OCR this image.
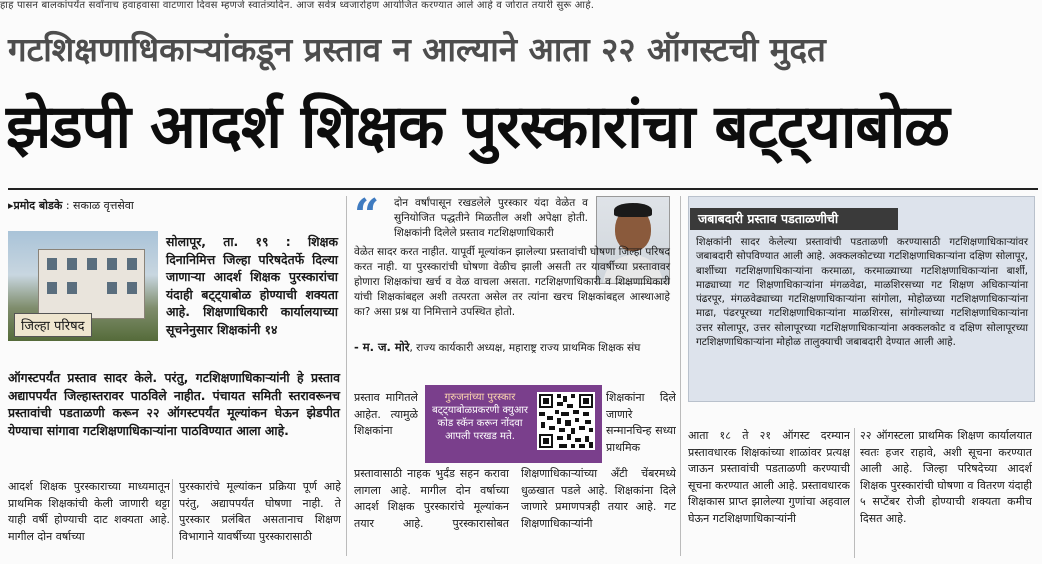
हाह पासन बालकांपर्यंत सर्वांनाच हवाहवासा वाटणारा दिवस म्हणजे स्वातंत्र्यदिन. आज सर्वत्र ध्वजारोहण आयोजित करण्यात आले आहे व जोरात तयारी सुरू आहे.
गटशिक्षणाधिकाऱ्यांकडून प्रस्ताव न आल्याने आता २२ ऑगस्टची मुदत
झेडपी आदर्श शिक्षक पुरस्कारांचा बट्ट्याबोळ
▸प्रमोद बोडके : सकाळ वृत्तसेवा
जिल्हा परिषद
सोलापूर, ता. १९ : शिक्षक दिनानिमित्त जिल्हा परिषदेतर्फे दिल्या जाणाऱ्या आदर्श शिक्षक पुरस्कारांचा यंदाही बट्ट्याबोळ होण्याची शक्यता आहे. शिक्षणाधिकारी कार्यालयाच्या सूचनेनुसार शिक्षकांनी १४
ऑगस्टपर्यंत प्रस्ताव सादर केले. परंतु, गटशिक्षणाधिकाऱ्यांनी हे प्रस्ताव अद्यापपर्यंत जिल्हास्तरावर पाठविले नाहीत. पंचायत समिती स्तरावरूनच प्रस्तावांची पडताळणी करून २२ ऑगस्टपर्यंत मूल्यांकन घेऊन झेडपीत येण्याचा सांगावा गटशिक्षणाधिकाऱ्यांना पाठविण्यात आला आहे.
“ दोन वर्षांपासून रखडलेले पुरस्कार यंदा वेळेत व सुनियोजित पद्धतीने मिळतील अशी अपेक्षा होती. शिक्षकांनी दिलेले प्रस्ताव गटशिक्षणाधिकारी
वेळेत सादर करत नाहीत. यापूर्वी मूल्यांकन झालेल्या प्रस्तावांची घोषणा जिल्हा परिषद करत नाही. या पुरस्कारांची घोषणा वेळीच झाली असती तर यावर्षीच्या प्रस्तावावर होणारा शिक्षकांचा खर्च व वेळ वाचला असता. गटशिक्षणाधिकारी व शिक्षणाधिकारी यांची शिक्षकांबद्दल अशी तत्परता असेल तर त्यांना खरच शिक्षकांबद्दल आस्थाआहे का? असा प्रश्न या निमित्ताने उपस्थित होतो.
- म. ज. मोरे, राज्य कार्यकारी अध्यक्ष, महाराष्ट्र राज्य प्राथमिक शिक्षक संघ
जबाबदारी प्रस्ताव पडताळणीची
शिक्षकांनी सादर केलेल्या प्रस्तावांची पडताळणी करण्यासाठी गटशिक्षणाधिकाऱ्यांवर जबाबदारी सोपविण्यात आली आहे. अक्कलकोटच्या गटशिक्षणाधिकाऱ्यांना दक्षिण सोलापूर, बार्शीच्या गटशिक्षणाधिकाऱ्यांना करमाळा, करमाळ्याच्या गटशिक्षणाधिकाऱ्यांना बार्शी, माढ्याच्या गट शिक्षणाधिकाऱ्यांना मंगळवेढा, माळशिरसच्या गट शिक्षण अधिकाऱ्यांना पंढरपूर, मंगळवेढ्याच्या गटशिक्षणाधिकाऱ्यांना सांगोला, मोहोळच्या गटशिक्षणाधिकाऱ्यांना माढा, पंढरपूरच्या गटशिक्षणाधिकाऱ्यांना माळशिरस, सांगोल्याच्या गटशिक्षणाधिकाऱ्यांना उत्तर सोलापूर, उत्तर सोलापूरच्या गटशिक्षणाधिकाऱ्यांना अक्कलकोट व दक्षिण सोलापूरच्या गटशिक्षणाधिकाऱ्यांना मोहोळ तालुक्याची जबाबदारी देण्यात आली आहे.
प्रस्ताव मागितले आहेत. त्यामुळे शिक्षकांना
गुरुजनांच्या पुरस्कार
बट्ट्याबोळप्रकरणी क्युआर कोड स्कॅन करून नोंदवा आपली परखड मते.
शिक्षकांना दिले जाणारे सन्मानचिन्ह सध्या प्राथमिक
प्रस्तावासाठी नाहक भुर्दंड सहन करावा लागला आहे. मागील दोन वर्षाच्या आदर्श शिक्षक पुरस्कारांचे मूल्यांकन तयार आहे. पुरस्कारासोबत शिक्षणाधिकाऱ्यांच्या अँटी चेंबरमध्ये धुळखात पडले आहे. शिक्षकांना दिले जाणारे प्रमाणपत्रही तयार आहे. गट शिक्षणाधिकाऱ्यांनी
आदर्श शिक्षक पुरस्काराच्या माध्यमातून प्राथमिक शिक्षकांची केली जाणारी थट्टा याही वर्षी होण्याची दाट शक्यता आहे. मागील दोन वर्षाच्या
पुरस्कारांचे मूल्यांकन प्रक्रिया पूर्ण आहे परंतु, अद्यापपर्यंत घोषणा नाही. ते पुरस्कार प्रलंबित असतानाच शिक्षण विभागाने यावर्षीच्या पुरस्कारासाठी
आता १८ ते २१ ऑगस्ट दरम्यान प्रस्तावधारक शिक्षकांच्या शाळांवर प्रत्यक्ष जाऊन प्रस्तावांची पडताळणी करण्याची सूचना करण्यात आली आहे. प्रस्तावधारक शिक्षकास प्राप्त झालेल्या गुणांचा अहवाल घेऊन गटशिक्षणाधिकाऱ्यांनी
२२ ऑगस्टला प्राथमिक शिक्षण कार्यालयात स्वतः हजर राहावे, अशी सूचना करण्यात आली आहे. जिल्हा परिषदेच्या आदर्श शिक्षक पुरस्कारांची घोषणा व वितरण यंदाही ५ सप्टेंबर रोजी होण्याची शक्यता कमीच दिसत आहे.
